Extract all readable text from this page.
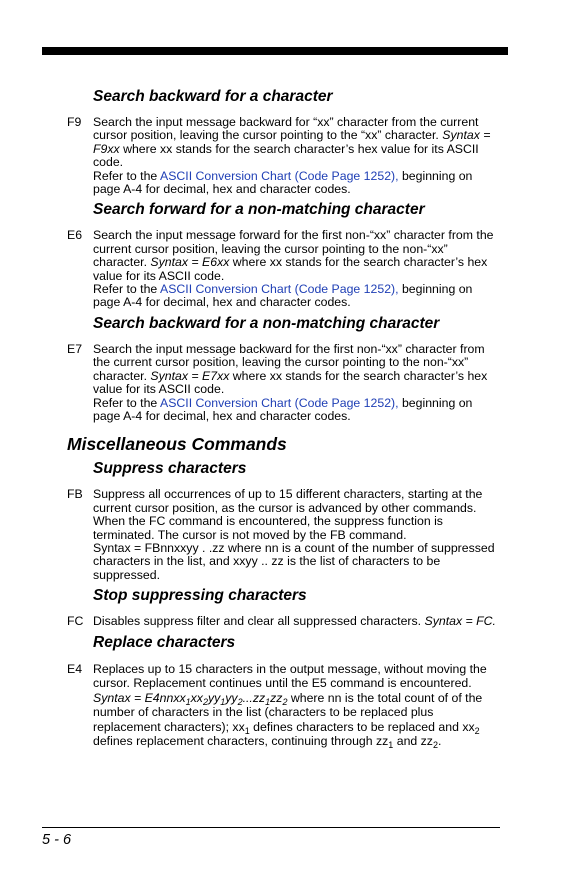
Search backward for a character
F9 Search the input message backward for “xx” character from the current cursor position, leaving the cursor pointing to the “xx” character. Syntax = F9xx where xx stands for the search character’s hex value for its ASCII code.
Refer to the ASCII Conversion Chart (Code Page 1252), beginning on page A-4 for decimal, hex and character codes.
Search forward for a non-matching character
E6 Search the input message forward for the first non-“xx” character from the current cursor position, leaving the cursor pointing to the non-“xx” character. Syntax = E6xx where xx stands for the search character’s hex value for its ASCII code.
Refer to the ASCII Conversion Chart (Code Page 1252), beginning on page A-4 for decimal, hex and character codes.
Search backward for a non-matching character
E7 Search the input message backward for the first non-“xx” character from the current cursor position, leaving the cursor pointing to the non-“xx” character. Syntax = E7xx where xx stands for the search character’s hex value for its ASCII code.
Refer to the ASCII Conversion Chart (Code Page 1252), beginning on page A-4 for decimal, hex and character codes.
Miscellaneous Commands
Suppress characters
FB Suppress all occurrences of up to 15 different characters, starting at the current cursor position, as the cursor is advanced by other commands. When the FC command is encountered, the suppress function is terminated. The cursor is not moved by the FB command.
Syntax = FBnnxxyy . .zz where nn is a count of the number of suppressed characters in the list, and xxyy .. zz is the list of characters to be suppressed.
Stop suppressing characters
FC Disables suppress filter and clear all suppressed characters. Syntax = FC.
Replace characters
E4 Replaces up to 15 characters in the output message, without moving the cursor. Replacement continues until the E5 command is encountered. Syntax = $E4nnxx_1xx_2yy_1yy_2...zz_1zz_2$ where nn is the total count of of the number of characters in the list (characters to be replaced plus replacement characters); $xx_1$ defines characters to be replaced and $xx_2$ defines replacement characters, continuing through $zz_1$ and $zz_2$.
5 - 6
